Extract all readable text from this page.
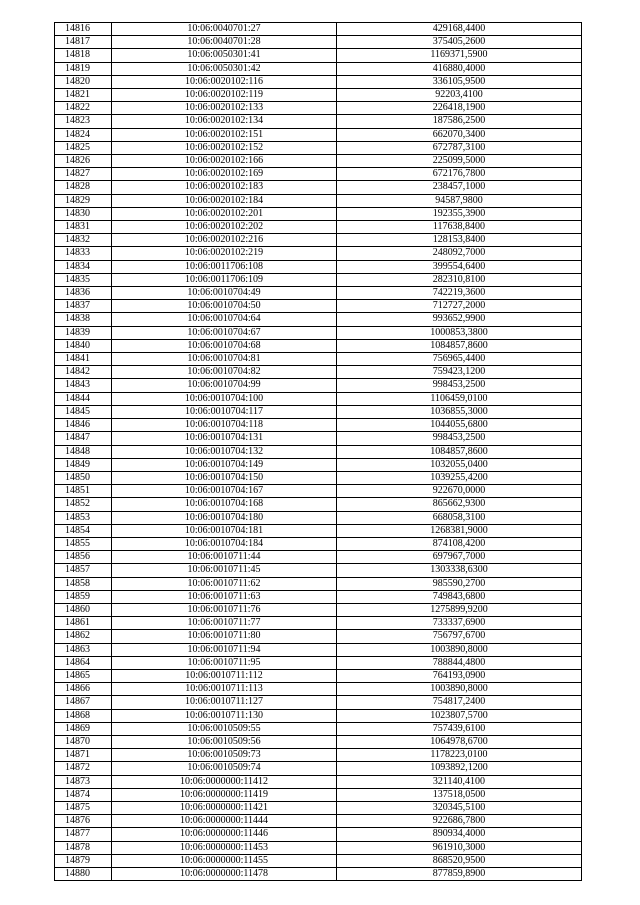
14816	10:06:0040701:27	429168,4400
14817	10:06:0040701:28	375405,2600
14818	10:06:0050301:41	1169371,5900
14819	10:06:0050301:42	416880,4000
14820	10:06:0020102:116	336105,9500
14821	10:06:0020102:119	92203,4100
14822	10:06:0020102:133	226418,1900
14823	10:06:0020102:134	187586,2500
14824	10:06:0020102:151	662070,3400
14825	10:06:0020102:152	672787,3100
14826	10:06:0020102:166	225099,5000
14827	10:06:0020102:169	672176,7800
14828	10:06:0020102:183	238457,1000
14829	10:06:0020102:184	94587,9800
14830	10:06:0020102:201	192355,3900
14831	10:06:0020102:202	117638,8400
14832	10:06:0020102:216	128153,8400
14833	10:06:0020102:219	248092,7000
14834	10:06:0011706:108	399554,6400
14835	10:06:0011706:109	282310,8100
14836	10:06:0010704:49	742219,3600
14837	10:06:0010704:50	712727,2000
14838	10:06:0010704:64	993652,9900
14839	10:06:0010704:67	1000853,3800
14840	10:06:0010704:68	1084857,8600
14841	10:06:0010704:81	756965,4400
14842	10:06:0010704:82	759423,1200
14843	10:06:0010704:99	998453,2500
14844	10:06:0010704:100	1106459,0100
14845	10:06:0010704:117	1036855,3000
14846	10:06:0010704:118	1044055,6800
14847	10:06:0010704:131	998453,2500
14848	10:06:0010704:132	1084857,8600
14849	10:06:0010704:149	1032055,0400
14850	10:06:0010704:150	1039255,4200
14851	10:06:0010704:167	922670,0000
14852	10:06:0010704:168	865662,9300
14853	10:06:0010704:180	668058,3100
14854	10:06:0010704:181	1268381,9000
14855	10:06:0010704:184	874108,4200
14856	10:06:0010711:44	697967,7000
14857	10:06:0010711:45	1303338,6300
14858	10:06:0010711:62	985590,2700
14859	10:06:0010711:63	749843,6800
14860	10:06:0010711:76	1275899,9200
14861	10:06:0010711:77	733337,6900
14862	10:06:0010711:80	756797,6700
14863	10:06:0010711:94	1003890,8000
14864	10:06:0010711:95	788844,4800
14865	10:06:0010711:112	764193,0900
14866	10:06:0010711:113	1003890,8000
14867	10:06:0010711:127	754817,2400
14868	10:06:0010711:130	1023807,5700
14869	10:06:0010509:55	757439,6100
14870	10:06:0010509:56	1064978,6700
14871	10:06:0010509:73	1178223,0100
14872	10:06:0010509:74	1093892,1200
14873	10:06:0000000:11412	321140,4100
14874	10:06:0000000:11419	137518,0500
14875	10:06:0000000:11421	320345,5100
14876	10:06:0000000:11444	922686,7800
14877	10:06:0000000:11446	890934,4000
14878	10:06:0000000:11453	961910,3000
14879	10:06:0000000:11455	868520,9500
14880	10:06:0000000:11478	877859,8900
